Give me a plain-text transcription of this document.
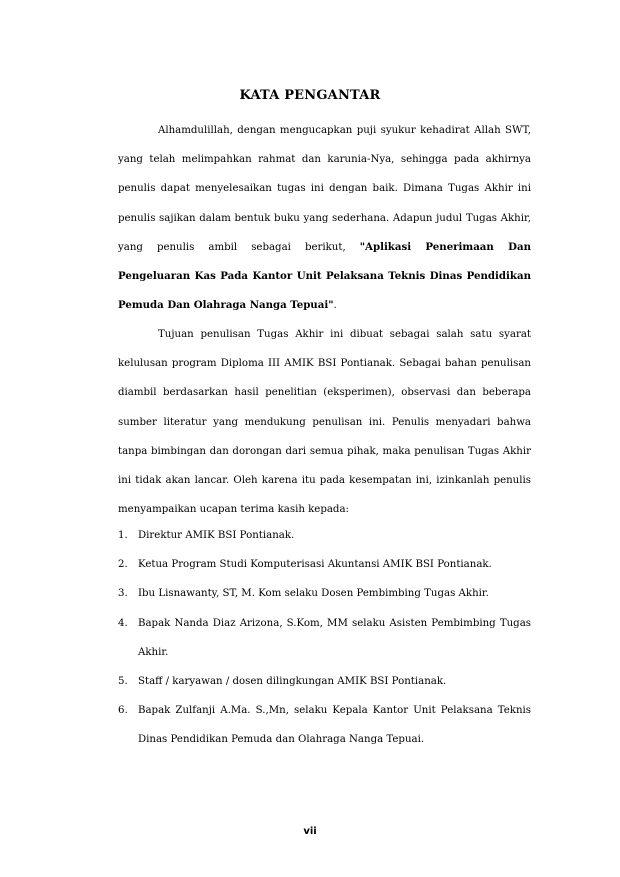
KATA PENGANTAR

Alhamdulillah, dengan mengucapkan puji syukur kehadirat Allah SWT, yang telah melimpahkan rahmat dan karunia-Nya, sehingga pada akhirnya penulis dapat menyelesaikan tugas ini dengan baik. Dimana Tugas Akhir ini penulis sajikan dalam bentuk buku yang sederhana. Adapun judul Tugas Akhir, yang penulis ambil sebagai berikut, "Aplikasi Penerimaan Dan Pengeluaran Kas Pada Kantor Unit Pelaksana Teknis Dinas Pendidikan Pemuda Dan Olahraga Nanga Tepuai".

Tujuan penulisan Tugas Akhir ini dibuat sebagai salah satu syarat kelulusan program Diploma III AMIK BSI Pontianak. Sebagai bahan penulisan diambil berdasarkan hasil penelitian (eksperimen), observasi dan beberapa sumber literatur yang mendukung penulisan ini. Penulis menyadari bahwa tanpa bimbingan dan dorongan dari semua pihak, maka penulisan Tugas Akhir ini tidak akan lancar. Oleh karena itu pada kesempatan ini, izinkanlah penulis menyampaikan ucapan terima kasih kepada:

1. Direktur AMIK BSI Pontianak.
2. Ketua Program Studi Komputerisasi Akuntansi AMIK BSI Pontianak.
3. Ibu Lisnawanty, ST, M. Kom selaku Dosen Pembimbing Tugas Akhir.
4. Bapak Nanda Diaz Arizona, S.Kom, MM selaku Asisten Pembimbing Tugas Akhir.
5. Staff / karyawan / dosen dilingkungan AMIK BSI Pontianak.
6. Bapak Zulfanji A.Ma. S.,Mn, selaku Kepala Kantor Unit Pelaksana Teknis Dinas Pendidikan Pemuda dan Olahraga Nanga Tepuai.
vii
